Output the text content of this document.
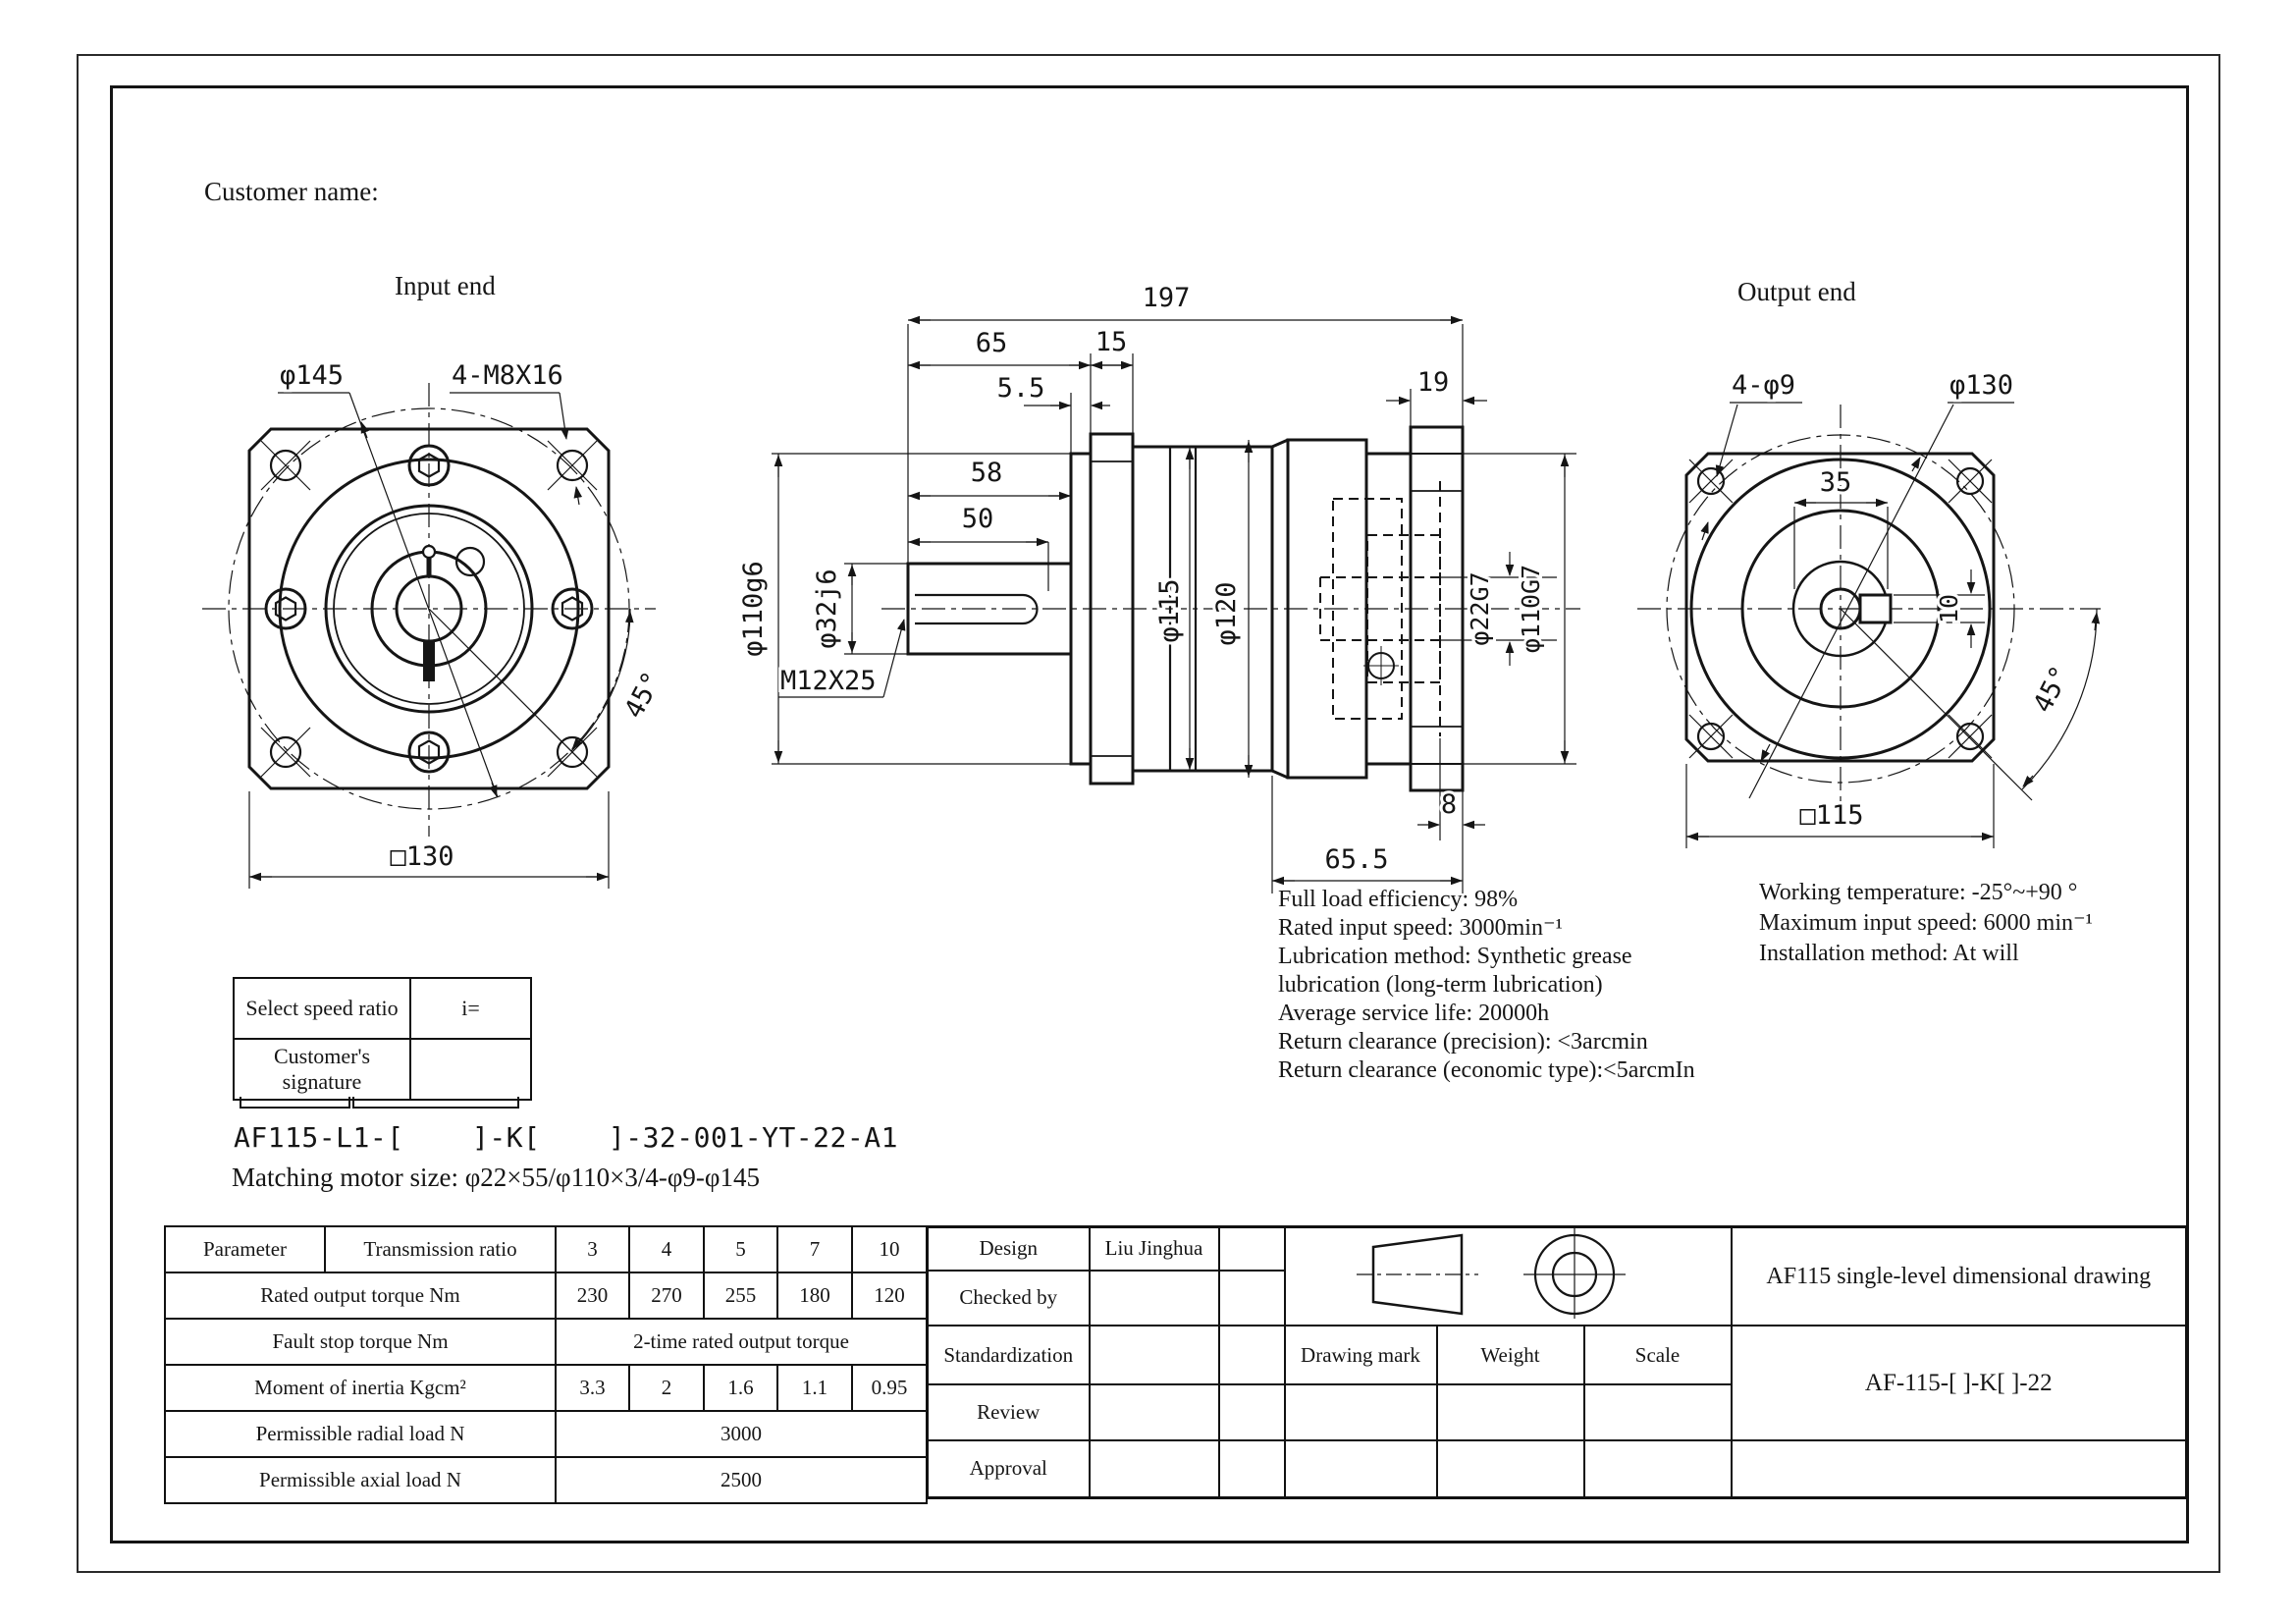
Customer name:
Input end	Output end
φ145	4-M8X16
□130
45°
197
65	15
5.5	19
58
50
φ110g6 φ32j6
M12X25
φ115 φ120	φ22G7 φ110G7
8
65.5
4-φ9	φ130
35
10
□115
45°
Full load efficiency: 98%
Rated input speed: 3000min⁻¹
Lubrication method: Synthetic grease
lubrication (long-term lubrication)
Average service life: 20000h
Return clearance (precision): <3arcmin
Return clearance (economic type):<5arcmIn
Working temperature: -25°~+90 °
Maximum input speed: 6000 min⁻¹
Installation method: At will
Select speed ratio	i=
Customer's signature	
AF115-L1-[    ]-K[    ]-32-001-YT-22-A1
Matching motor size: φ22×55/φ110×3/4-φ9-φ145
Parameter	Transmission ratio	3	4	5	7	10
Rated output torque Nm		230	270	255	180	120
Fault stop torque Nm		2-time rated output torque				
Moment of inertia Kgcm²		3.3	2	1.6	1.1	0.95
Permissible radial load N		3000				
Permissible axial load N		2500				
Design	Liu Jinghua					AF115 single-level dimensional drawing
Checked by						
Standardization			Drawing mark	Weight	Scale	AF-115-[ ]-K[ ]-22
Review						
Approval						
